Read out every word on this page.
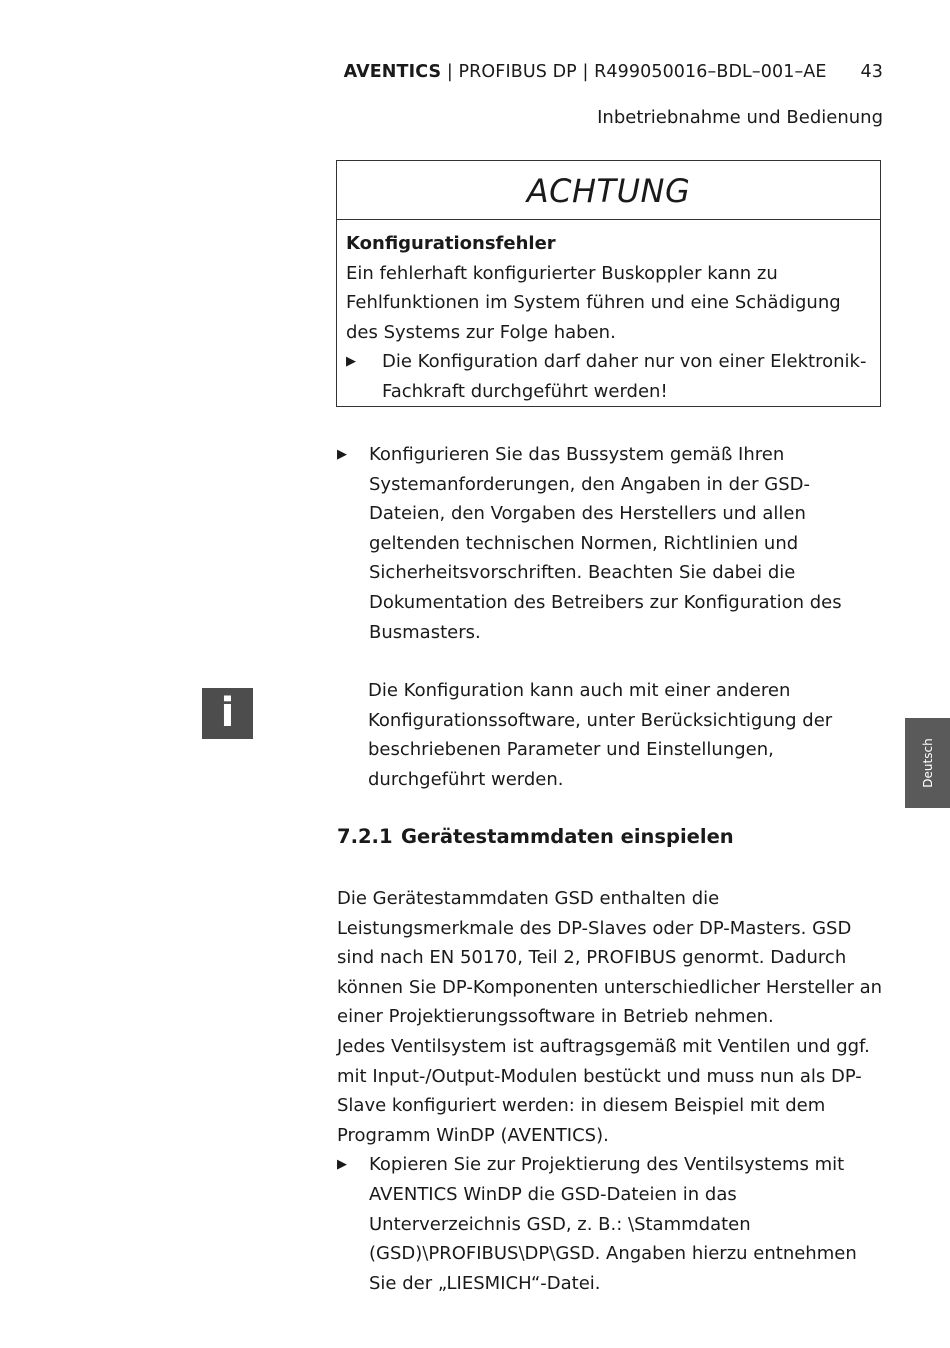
AVENTICS | PROFIBUS DP | R499050016–BDL–001–AE 43
Inbetriebnahme und Bedienung
ACHTUNG
Konfigurationsfehler
Ein fehlerhaft konfigurierter Buskoppler kann zu Fehlfunktionen im System führen und eine Schädigung des Systems zur Folge haben.
▶ Die Konfiguration darf daher nur von einer Elektronik-Fachkraft durchgeführt werden!
▶ Konfigurieren Sie das Bussystem gemäß Ihren Systemanforderungen, den Angaben in der GSD-Dateien, den Vorgaben des Herstellers und allen geltenden technischen Normen, Richtlinien und Sicherheitsvorschriften. Beachten Sie dabei die Dokumentation des Betreibers zur Konfiguration des Busmasters.
i	Die Konfiguration kann auch mit einer anderen Konfigurationssoftware, unter Berücksichtigung der beschriebenen Parameter und Einstellungen, durchgeführt werden.	Deutsch
7.2.1 Gerätestammdaten einspielen

Die Gerätestammdaten GSD enthalten die Leistungsmerkmale des DP-Slaves oder DP-Masters. GSD sind nach EN 50170, Teil 2, PROFIBUS genormt. Dadurch können Sie DP-Komponenten unterschiedlicher Hersteller an einer Projektierungssoftware in Betrieb nehmen.

Jedes Ventilsystem ist auftragsgemäß mit Ventilen und ggf. mit Input-/Output-Modulen bestückt und muss nun als DP-Slave konfiguriert werden: in diesem Beispiel mit dem Programm WinDP (AVENTICS).

▶ Kopieren Sie zur Projektierung des Ventilsystems mit AVENTICS WinDP die GSD-Dateien in das Unterverzeichnis GSD, z. B.: \Stammdaten (GSD)\PROFIBUS\DP\GSD. Angaben hierzu entnehmen Sie der „LIESMICH“-Datei.
